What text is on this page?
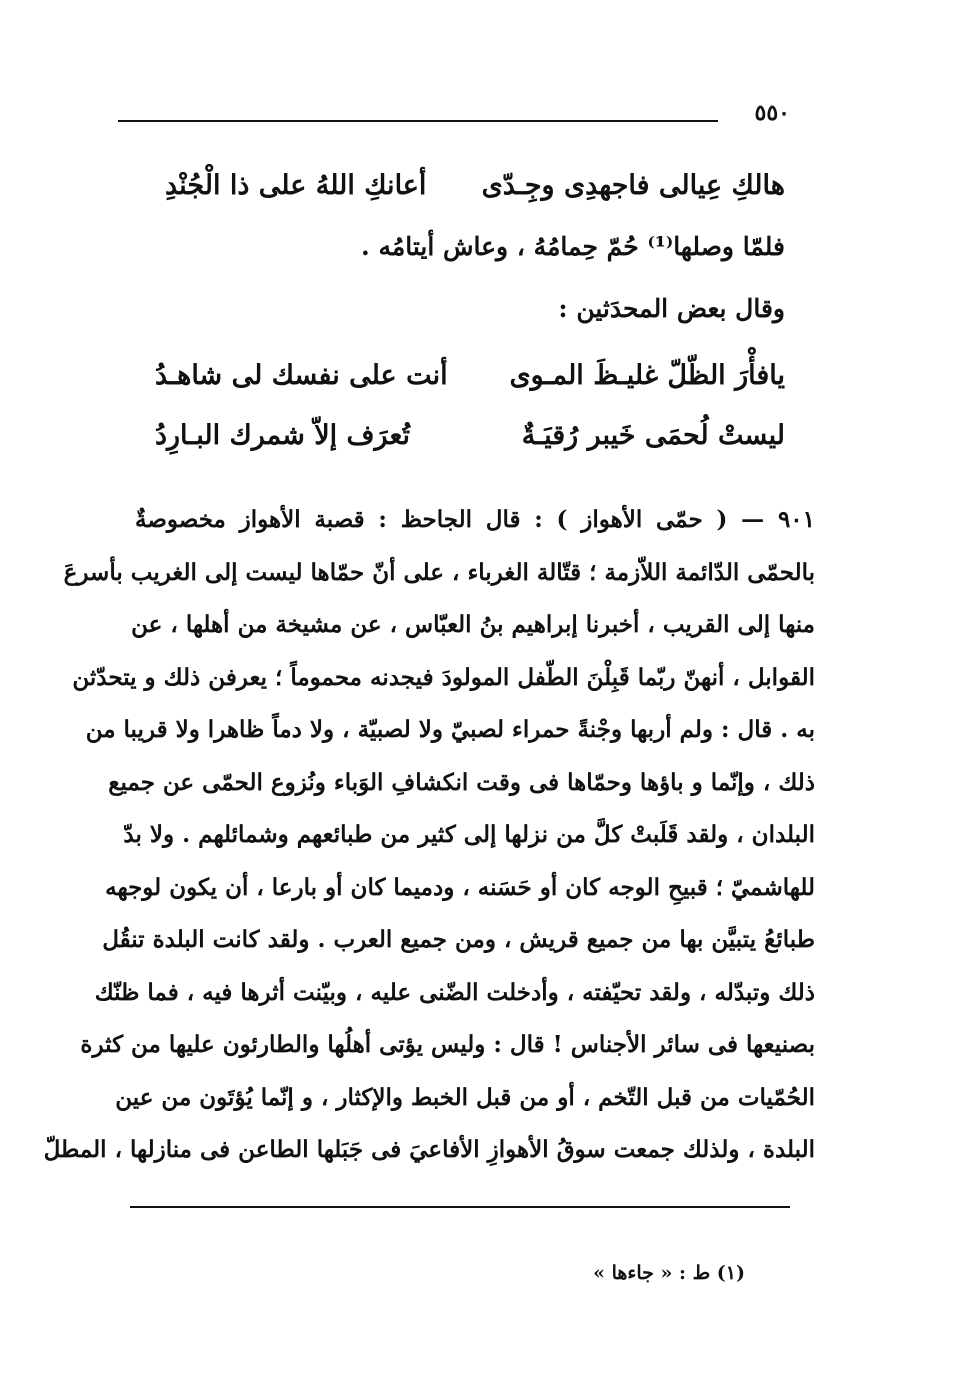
٥٥٠
هالكِ عِيالى فاجهدِى وجِـدّى
أعانكِ اللهُ على ذا الْجُنْدِ
فلمّا وصلها⁽¹⁾ حُمّ حِمامُهُ ، وعاش أيتامُه .
وقال بعض المحدَثين :
يافأْرَ الظّلّ غليـظَ المـوى
أنت على نفسك لى شاهـدُ
ليستْ لُحمَى خَيبر رُقيَـةٌ
تُعرَف إلاّ شمرك البـارِدُ
٩٠١ — ( حمّى الأهواز ) : قال الجاحظ : قصبة الأهواز مخصوصةٌ
بالحمّى الدّائمة اللاّزمة ؛ قتّالة الغرباء ، على أنّ حمّاها ليست إلى الغريب بأسرعَ
منها إلى القريب ، أخبرنا إبراهيم بنُ العبّاس ، عن مشيخة من أهلها ، عن
القوابل ، أنهنّ ربّما قَبِلْنَ الطّفل المولودَ فيجدنه محموماً ؛ يعرفن ذلك و يتحدّثن
به . قال : ولم أربها وجْنةً حمراء لصبيّ ولا لصبيّة ، ولا دماً ظاهرا ولا قريبا من
ذلك ، وإنّما و باؤها وحمّاها فى وقت انكشافِ الوَباء ونُزوع الحمّى عن جميع
البلدان ، ولقد قَلَبتْ كلَّ من نزلها إلى كثير من طبائعهم وشمائلهم . ولا بدّ
للهاشميّ ؛ قبيحِ الوجه كان أو حَسَنه ، ودميما كان أو بارعا ، أن يكون لوجهه
طبائعُ يتبيَّن بها من جميع قريش ، ومن جميع العرب . ولقد كانت البلدة تنقُل
ذلك وتبدّله ، ولقد تحيّفته ، وأدخلت الضّنى عليه ، وبيّنت أثرها فيه ، فما ظنّك
بصنيعها فى سائر الأجناس ! قال : وليس يؤتى أهلُها والطارئون عليها من كثرة
الحُمّيات من قبل التّخم ، أو من قبل الخبط والإكثار ، و إنّما يُؤتَون من عين
البلدة ، ولذلك جمعت سوقُ الأهوازِ الأفاعيَ فى جَبَلها الطاعن فى منازلها ، المطلّ
(١) ط : « جاءها »
